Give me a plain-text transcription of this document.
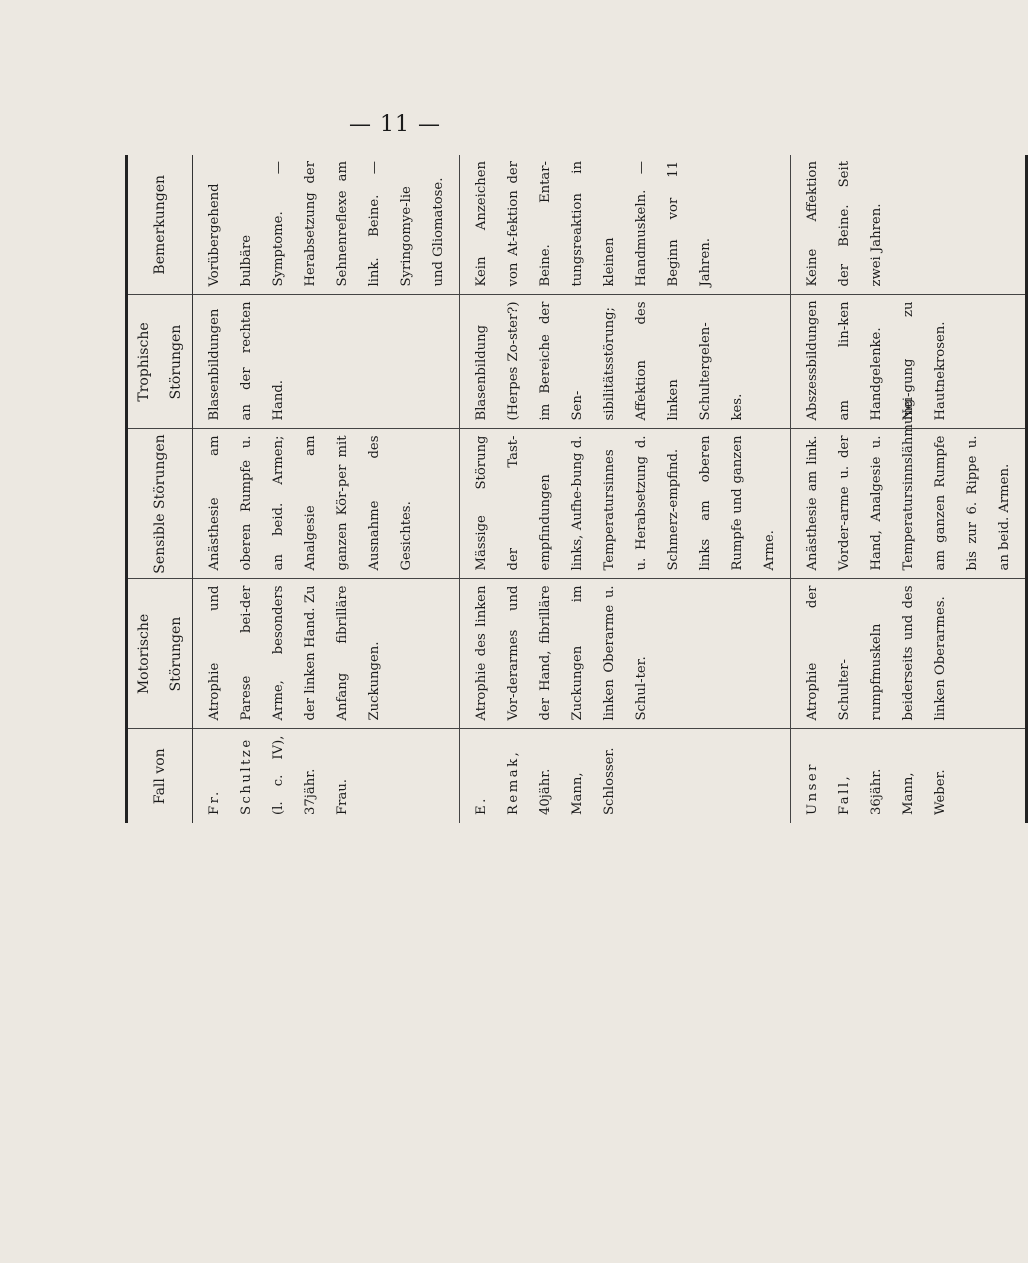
— 11 —
Fall von	Motorische Störungen	Sensible Störungen	Trophische Störungen	Bemerkungen
Fr. Schultze (l. c. IV), 37jähr. Frau.	Atrophie und Parese bei-der Arme, besonders der linken Hand. Zu Anfang fibrilläre Zuckungen.	Anästhesie am oberen Rumpfe u. an beid. Armen; Analgesie am ganzen Kör-per mit Ausnahme des Gesichtes.	Blasenbildungen an der rechten Hand.	Vorübergehend bulbäre Symptome. — Herabsetzung der Sehnenreflexe am link. Beine. — Syringomye-lie und Gliomatose.
E. Remak, 40jähr. Mann, Schlosser.	Atrophie des linken Vor-derarmes und der Hand, fibrilläre Zuckungen im linken Oberarme u. Schul-ter.	Mässige Störung der Tast-empfindungen links, Aufhe-bung d. Temperatursinnes u. Herabsetzung d. Schmerz-empfind. links am oberen Rumpfe und ganzen Arme.	Blasenbildung (Herpes Zo-ster?) im Bereiche der Sen-sibilitätsstörung; Affektion des linken Schultergelen-kes.	Kein Anzeichen von At-fektion der Beine. Entar-tungsreaktion in kleinen Handmuskeln. — Beginn vor 11 Jahren.
Unser Fall, 36jähr. Mann, Weber.	Atrophie der Schulter-rumpfmuskeln beiderseits und des linken Oberarmes.	Anästhesie am link. Vorder-arme u. der Hand, Analgesie u. Temperatursinnslähmung am ganzen Rumpfe bis zur 6. Rippe u. an beid. Armen.	Abszessbildungen am lin-ken Handgelenke. Nei-gung zu Hautnekrosen.	Keine Affektion der Beine. Seit zwei Jahren.
